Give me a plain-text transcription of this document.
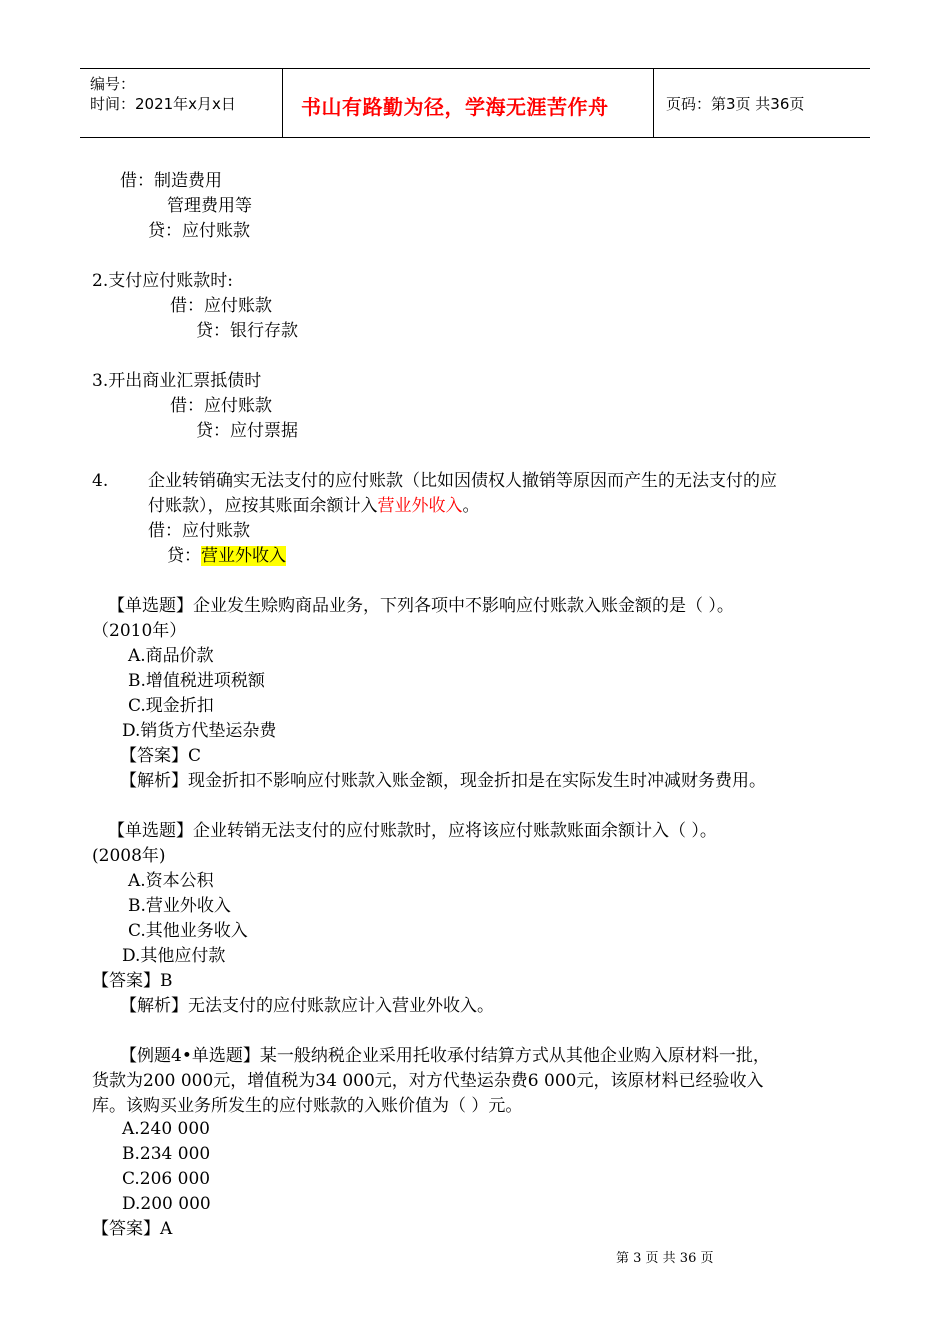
编号：
时间：2021年x月x日	书山有路勤为径，学海无涯苦作舟	页码：第3页 共36页
借：制造费用
管理费用等
贷：应付账款
2.支付应付账款时:
借：应付账款
贷：银行存款
3.开出商业汇票抵债时
借：应付账款
贷：应付票据
4. 企业转销确实无法支付的应付账款（比如因债权人撤销等原因而产生的无法支付的应
付账款），应按其账面余额计入营业外收入。
借：应付账款
贷：营业外收入
【单选题】企业发生赊购商品业务，下列各项中不影响应付账款入账金额的是（ ）。
（2010年）
A.商品价款
B.增值税进项税额
C.现金折扣
D.销货方代垫运杂费
【答案】C
【解析】现金折扣不影响应付账款入账金额，现金折扣是在实际发生时冲减财务费用。
【单选题】企业转销无法支付的应付账款时，应将该应付账款账面余额计入（ ）。
(2008年)
A.资本公积
B.营业外收入
C.其他业务收入
D.其他应付款
【答案】B
【解析】无法支付的应付账款应计入营业外收入。
【例题4•单选题】某一般纳税企业采用托收承付结算方式从其他企业购入原材料一批，
货款为200 000元，增值税为34 000元，对方代垫运杂费6 000元，该原材料已经验收入
库。该购买业务所发生的应付账款的入账价值为（ ）元。
A.240 000
B.234 000
C.206 000
D.200 000
【答案】A
第 3 页 共 36 页
